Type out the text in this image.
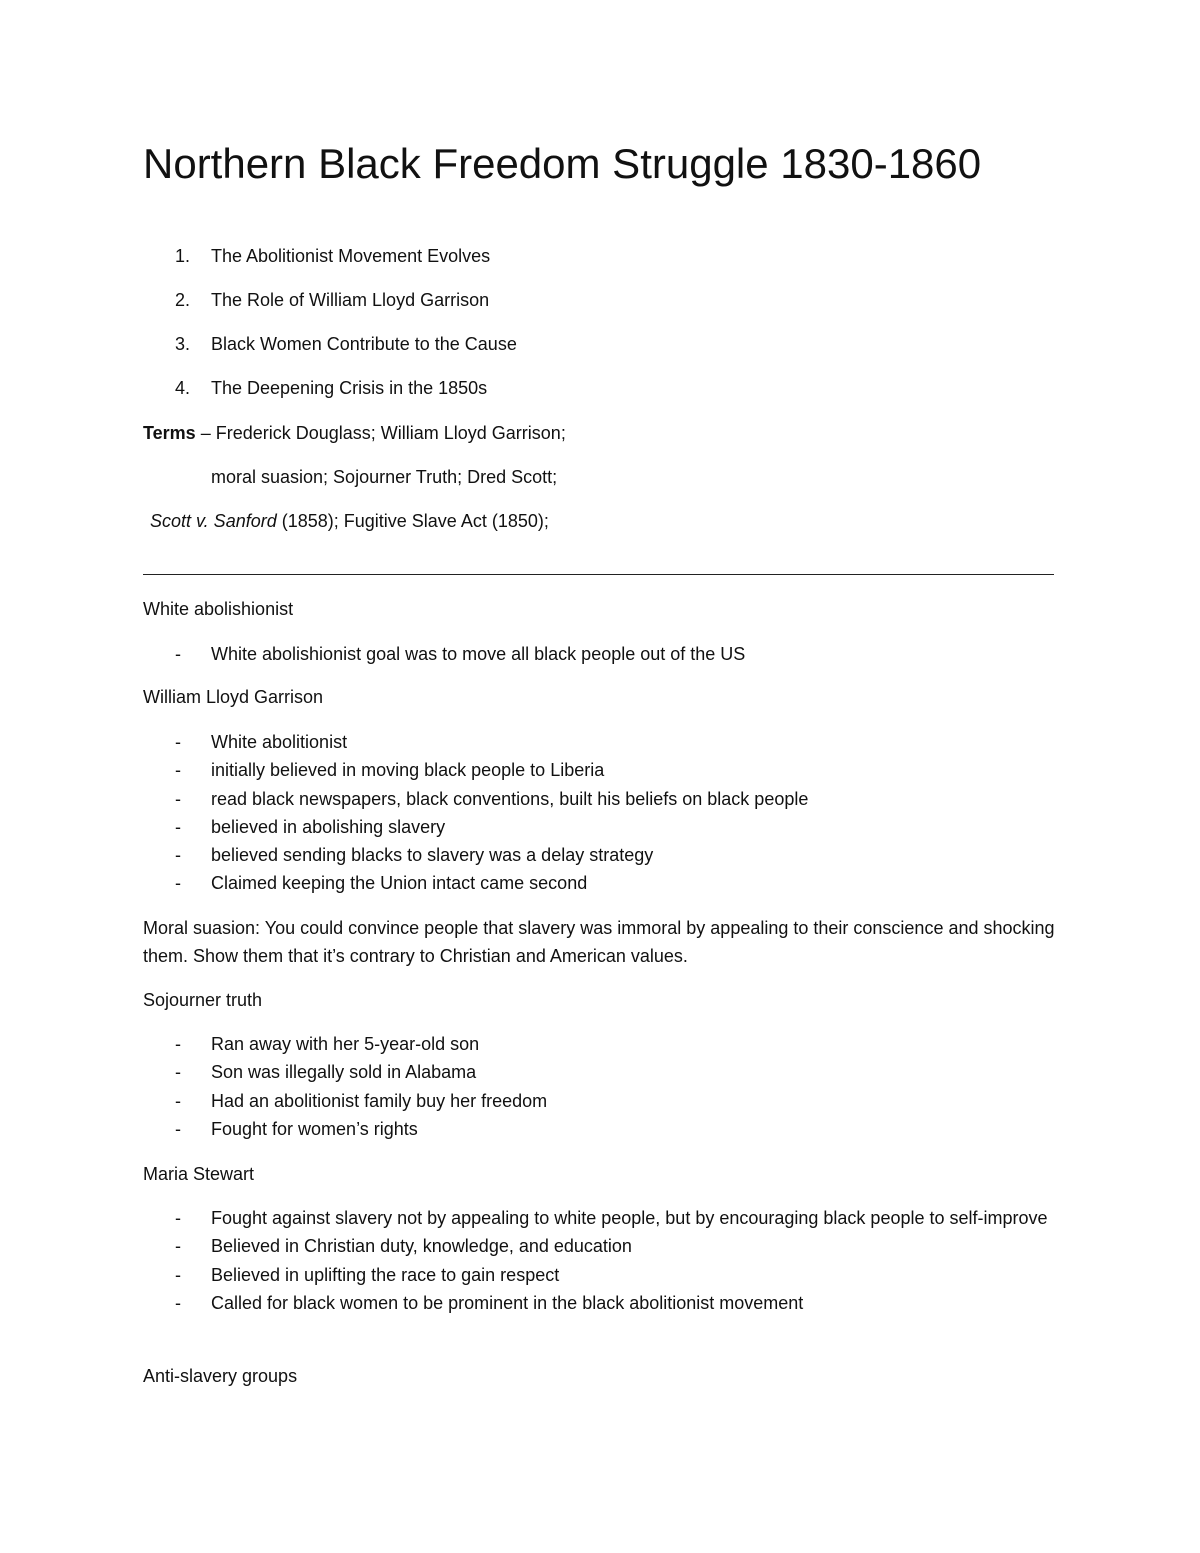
Northern Black Freedom Struggle 1830-1860
1.	The Abolitionist Movement Evolves
2.	The Role of William Lloyd Garrison
3.	Black Women Contribute to the Cause
4.	The Deepening Crisis in the 1850s
Terms – Frederick Douglass; William Lloyd Garrison;
moral suasion; Sojourner Truth; Dred Scott;
Scott v. Sanford (1858); Fugitive Slave Act (1850);
White abolishionist
- White abolishionist goal was to move all black people out of the US
William Lloyd Garrison
- White abolitionist
- initially believed in moving black people to Liberia
- read black newspapers, black conventions, built his beliefs on black people
- believed in abolishing slavery
- believed sending blacks to slavery was a delay strategy
- Claimed keeping the Union intact came second
Moral suasion: You could convince people that slavery was immoral by appealing to their conscience and shocking them. Show them that it’s contrary to Christian and American values.
Sojourner truth
- Ran away with her 5-year-old son
- Son was illegally sold in Alabama
- Had an abolitionist family buy her freedom
- Fought for women’s rights
Maria Stewart
- Fought against slavery not by appealing to white people, but by encouraging black people to self-improve
- Believed in Christian duty, knowledge, and education
- Believed in uplifting the race to gain respect
- Called for black women to be prominent in the black abolitionist movement
Anti-slavery groups
